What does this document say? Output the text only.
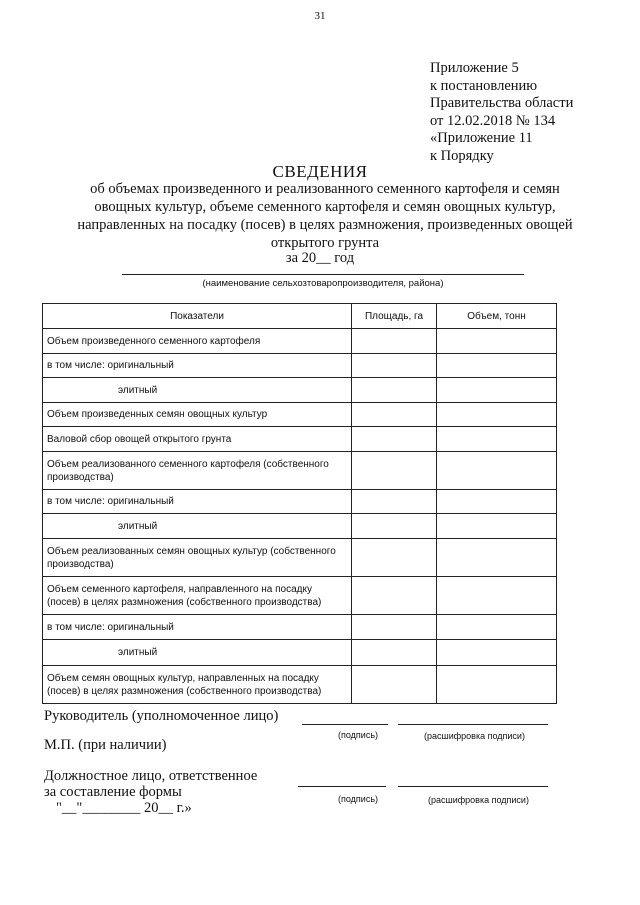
31
Приложение 5
к постановлению
Правительства области
от 12.02.2018 № 134
«Приложение 11
к Порядку
СВЕДЕНИЯ
об объемах произведенного и реализованного семенного картофеля и семян овощных культур, объеме семенного картофеля и семян овощных культур, направленных на посадку (посев) в целях размножения, произведенных овощей открытого грунта
за 20__ год
(наименование сельхозтоваропроизводителя, района)
Показатели	Площадь, га	Объем, тонн
Объем произведенного семенного картофеля		
в том числе: оригинальный		
элитный		
Объем произведенных семян овощных культур		
Валовой сбор овощей открытого грунта		
Объем реализованного семенного картофеля (собственного производства)		
в том числе: оригинальный		
элитный		
Объем реализованных семян овощных культур (собственного производства)		
Объем семенного картофеля, направленного на посадку (посев) в целях размножения (собственного производства)		
в том числе: оригинальный		
элитный		
Объем семян овощных культур, направленных на посадку (посев) в целях размножения (собственного производства)		
Руководитель (уполномоченное лицо)
(подпись)	(расшифровка подписи)
М.П. (при наличии)
Должностное лицо, ответственное
за составление формы	(подпись)	(расшифровка подписи)
"__"________ 20__ г.»
